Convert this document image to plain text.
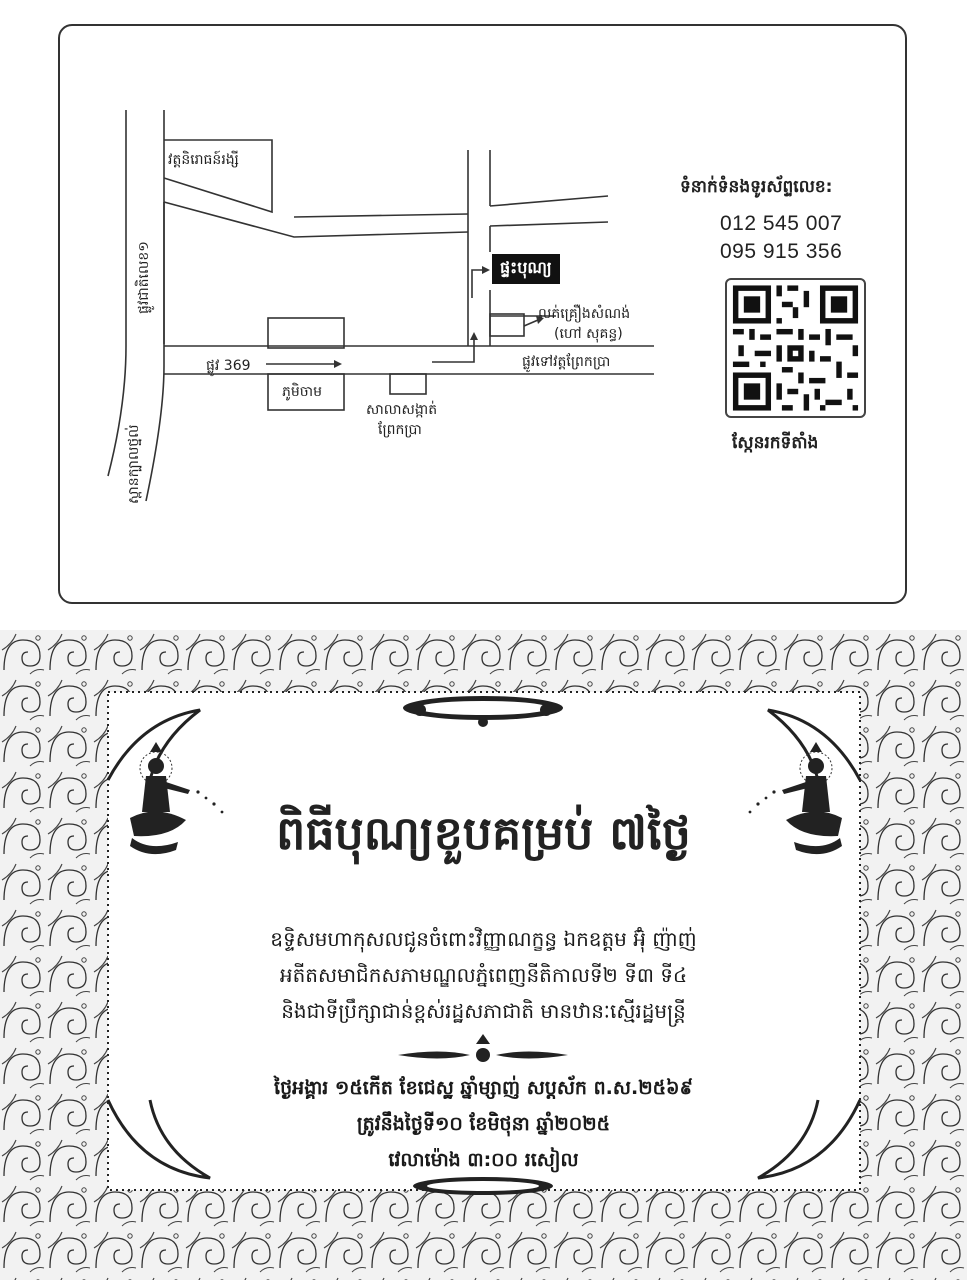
ផ្លូវជាតិលេខ១
វត្តនិរោធន៍រង្សី
ផ្ទះបុណ្យ
លក់គ្រឿងសំណង់
(ហៅ សុគន្ធ)
ផ្លូវ 369	ផ្លូវទៅវត្តព្រែកប្រា
ភូមិចាម
សាលាសង្កាត់
ព្រែកប្រា
ស្ពានក្បាលថ្នល់
ទំនាក់ទំនងទូរស័ព្ទលេខ:
012 545 007
095 915 356
ស្កែនរកទីតាំង
ពិធីបុណ្យខួបគម្រប់ ៧ថ្ងៃ
ឧទ្ទិសមហាកុសលជូនចំពោះវិញ្ញាណក្ខន្ធ ឯកឧត្តម អ៊ុំ ញ៉ាញ់
អតីតសមាជិកសភាមណ្ឌលភ្នំពេញនីតិកាលទី២ ទី៣ ទី៤
និងជាទីប្រឹក្សាជាន់ខ្ពស់រដ្ឋសភាជាតិ មានឋានៈស្មើរដ្ឋមន្ត្រី
ថ្ងៃអង្គារ ១៥កើត ខែជេស្ឋ ឆ្នាំម្សាញ់ សប្តស័ក ព.ស.២៥៦៩
ត្រូវនឹងថ្ងៃទី១០ ខែមិថុនា ឆ្នាំ២០២៥
វេលាម៉ោង ៣:០០ រសៀល
